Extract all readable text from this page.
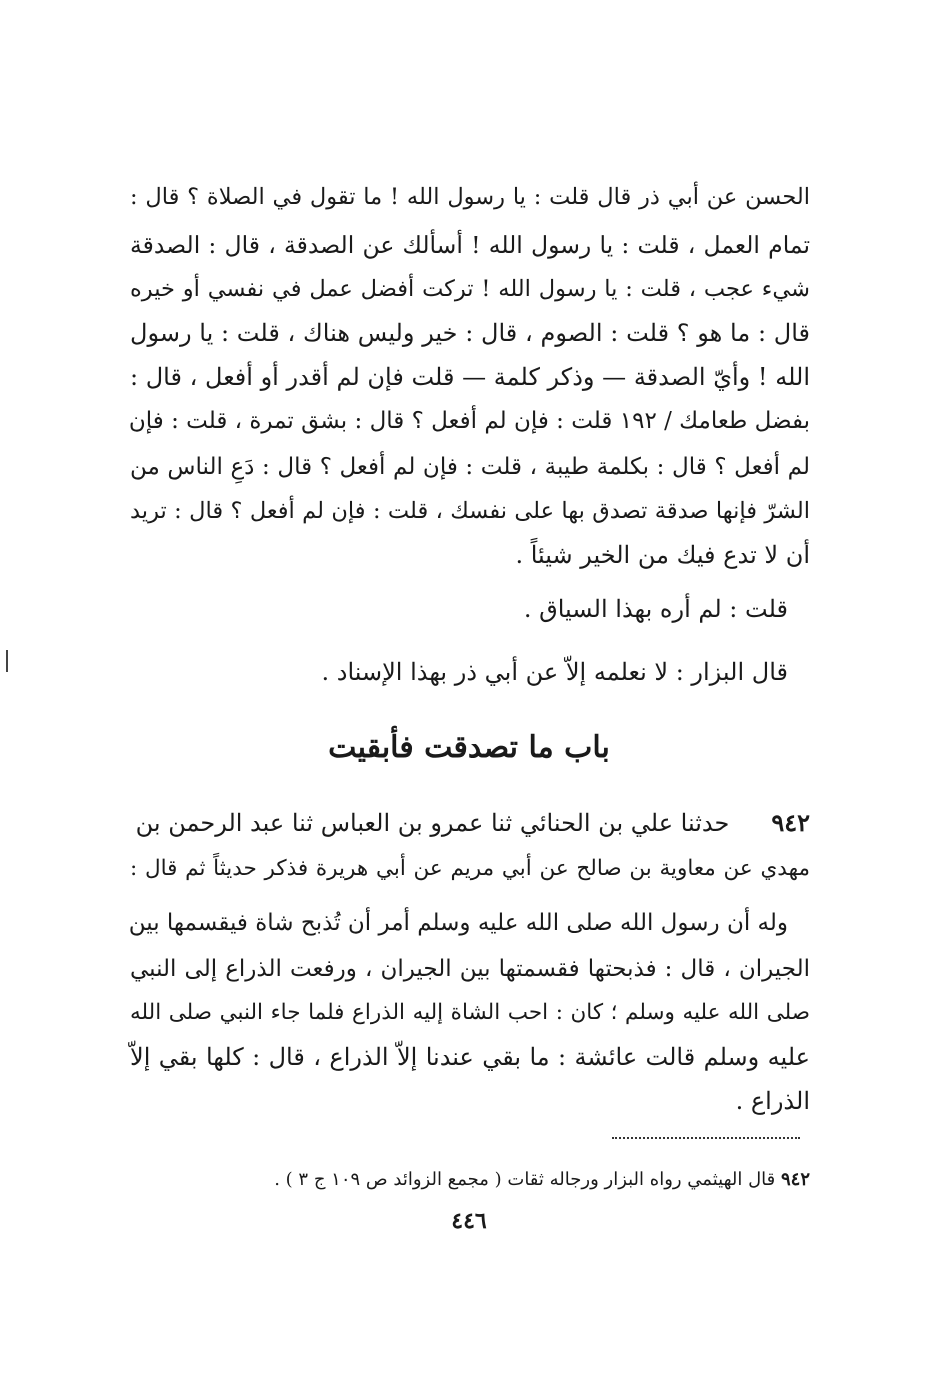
الحسن عن أبي ذر قال قلت : يا رسول الله ! ما تقول في الصلاة ؟ قال :
تمام العمل ، قلت : يا رسول الله ! أسألك عن الصدقة ، قال : الصدقة
شيء عجب ، قلت : يا رسول الله ! تركت أفضل عمل في نفسي أو خيره
قال : ما هو ؟ قلت : الصوم ، قال : خير وليس هناك ، قلت : يا رسول
الله ! وأيّ الصدقة — وذكر كلمة — قلت فإن لم أقدر أو أفعل ، قال :
بفضل طعامك / ١٩٢ قلت : فإن لم أفعل ؟ قال : بشق تمرة ، قلت : فإن
لم أفعل ؟ قال : بكلمة طيبة ، قلت : فإن لم أفعل ؟ قال : دَعِ الناس من
الشرّ فإنها صدقة تصدق بها على نفسك ، قلت : فإن لم أفعل ؟ قال : تريد
أن لا تدع فيك من الخير شيئاً .
قلت : لم أره بهذا السياق .
قال البزار : لا نعلمه إلاّ عن أبي ذر بهذا الإسناد .
باب ما تصدقت فأبقيت
٩٤٢حدثنا علي بن الحنائي ثنا عمرو بن العباس ثنا عبد الرحمن بن
مهدي عن معاوية بن صالح عن أبي مريم عن أبي هريرة فذكر حديثاً ثم قال :
وله أن رسول الله صلى الله عليه وسلم أمر أن تُذبح شاة فيقسمها بين
الجيران ، قال : فذبحتها فقسمتها بين الجيران ، ورفعت الذراع إلى النبي
صلى الله عليه وسلم ؛ كان : احب الشاة إليه الذراع فلما جاء النبي صلى الله
عليه وسلم قالت عائشة : ما بقي عندنا إلاّ الذراع ، قال : كلها بقي إلاّ
الذراع .
٩٤٢ قال الهيثمي رواه البزار ورجاله ثقات ( مجمع الزوائد ص ١٠٩ ج ٣ ) .
٤٤٦
